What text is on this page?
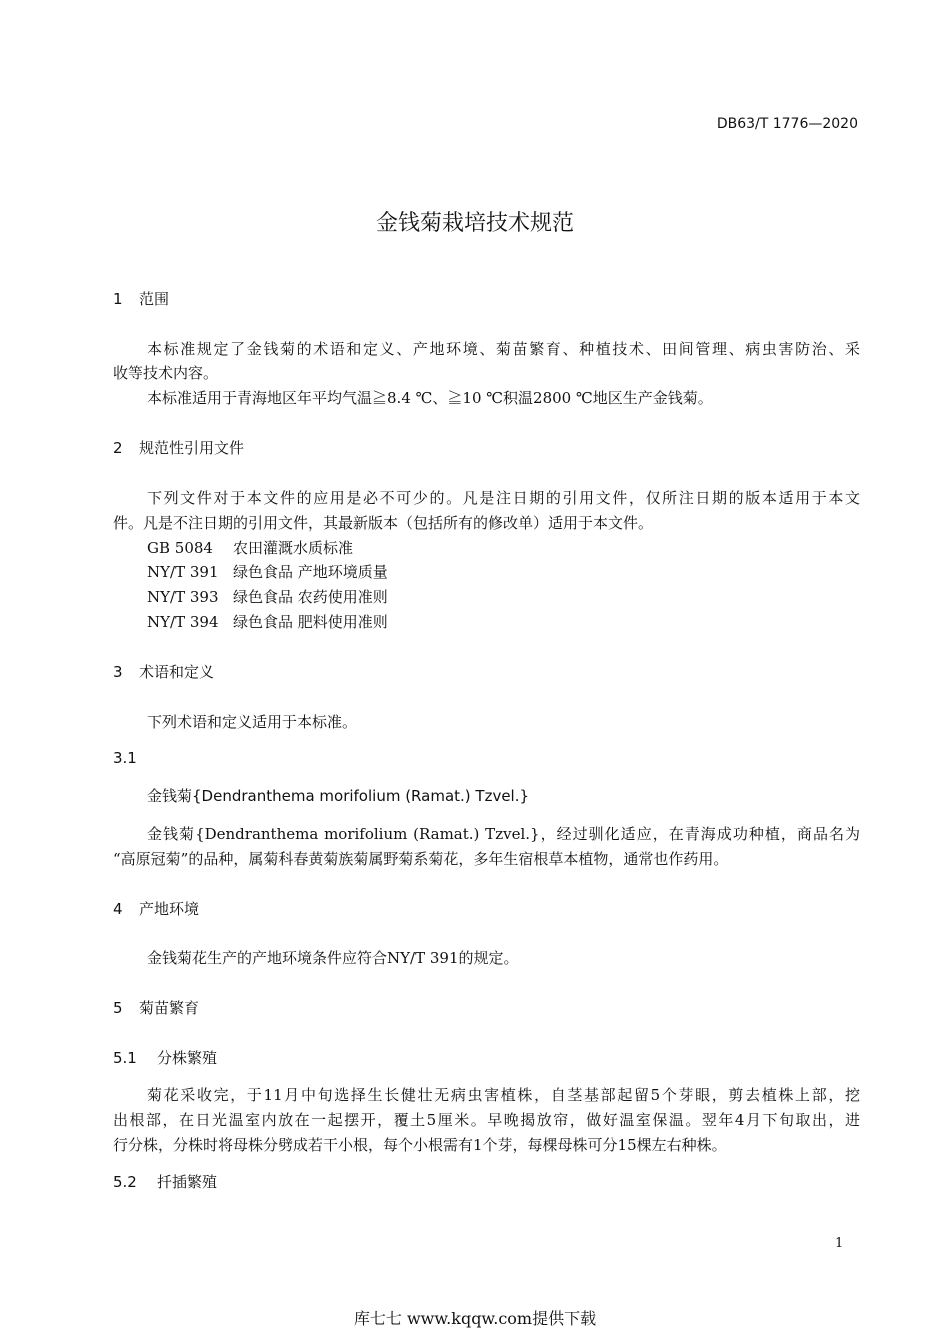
DB63/T 1776—2020
金钱菊栽培技术规范
1 范围
本标准规定了金钱菊的术语和定义、产地环境、菊苗繁育、种植技术、田间管理、病虫害防治、采
收等技术内容。
本标准适用于青海地区年平均气温≧8.4 ℃、≧10 ℃积温2800 ℃地区生产金钱菊。
2 规范性引用文件
下列文件对于本文件的应用是必不可少的。凡是注日期的引用文件，仅所注日期的版本适用于本文
件。凡是不注日期的引用文件，其最新版本（包括所有的修改单）适用于本文件。
GB 5084 农田灌溉水质标准
NY/T 391 绿色食品 产地环境质量
NY/T 393 绿色食品 农药使用准则
NY/T 394 绿色食品 肥料使用准则
3 术语和定义
下列术语和定义适用于本标准。
3.1
金钱菊{Dendranthema morifolium (Ramat.) Tzvel.}
金钱菊{Dendranthema morifolium (Ramat.) Tzvel.}，经过驯化适应，在青海成功种植，商品名为
“高原冠菊”的品种，属菊科春黄菊族菊属野菊系菊花，多年生宿根草本植物，通常也作药用。
4 产地环境
金钱菊花生产的产地环境条件应符合NY/T 391的规定。
5 菊苗繁育
5.1 分株繁殖
菊花采收完，于11月中旬选择生长健壮无病虫害植株，自茎基部起留5个芽眼，剪去植株上部，挖
出根部，在日光温室内放在一起摆开，覆土5厘米。早晚揭放帘，做好温室保温。翌年4月下旬取出，进
行分株，分株时将母株分劈成若干小根，每个小根需有1个芽，每棵母株可分15棵左右种株。
5.2 扦插繁殖
1
库七七 www.kqqw.com提供下载
